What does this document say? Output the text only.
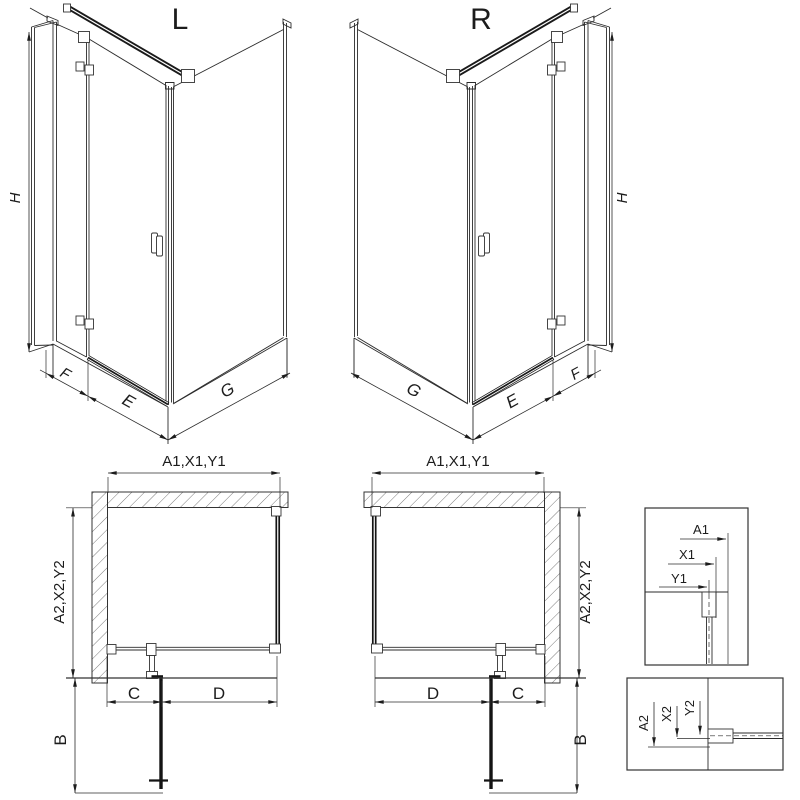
L
H
F
E	G
R
H
F
E
G
A1,X1,Y1
A2,X2,Y2
C	D
B
A1,X1,Y1
A2,X2,Y2
D	C
B
A1
X1
Y1
A2
X2 Y2
